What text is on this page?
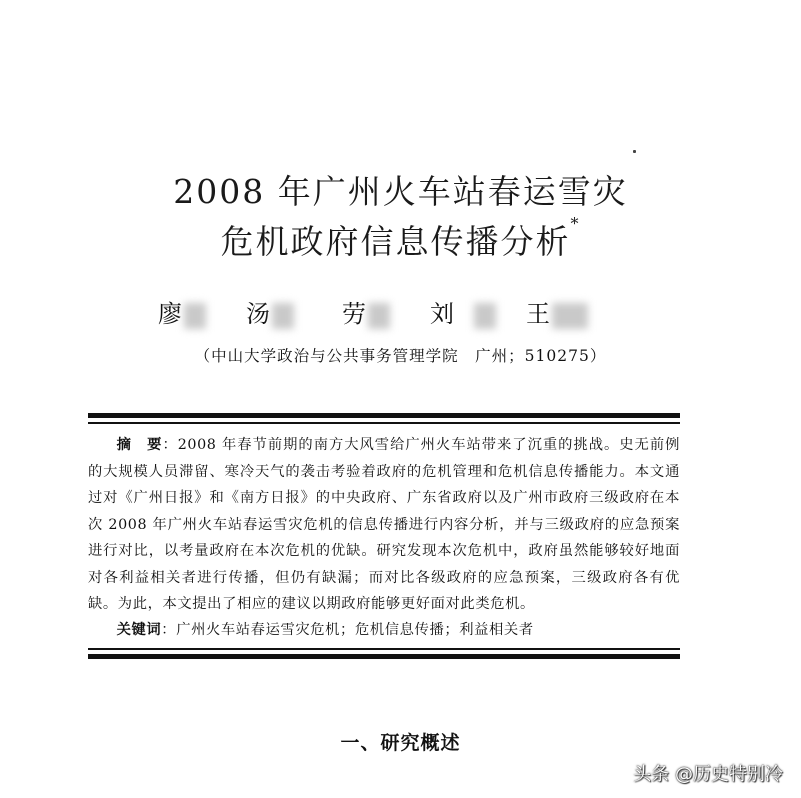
2008 年广州火车站春运雪灾
危机政府信息传播分析*
廖	汤	劳	刘	王
（中山大学政治与公共事务管理学院　广州；510275）

摘　要：2008 年春节前期的南方大风雪给广州火车站带来了沉重的挑战。史无前例的大规模人员滞留、寒冷天气的袭击考验着政府的危机管理和危机信息传播能力。本文通过对《广州日报》和《南方日报》的中央政府、广东省政府以及广州市政府三级政府在本次 2008 年广州火车站春运雪灾危机的信息传播进行内容分析，并与三级政府的应急预案进行对比，以考量政府在本次危机的优缺。研究发现本次危机中，政府虽然能够较好地面对各利益相关者进行传播，但仍有缺漏；而对比各级政府的应急预案，三级政府各有优缺。为此，本文提出了相应的建议以期政府能够更好面对此类危机。

关键词：广州火车站春运雪灾危机；危机信息传播；利益相关者
一、研究概述
头条 @历史特别冷
